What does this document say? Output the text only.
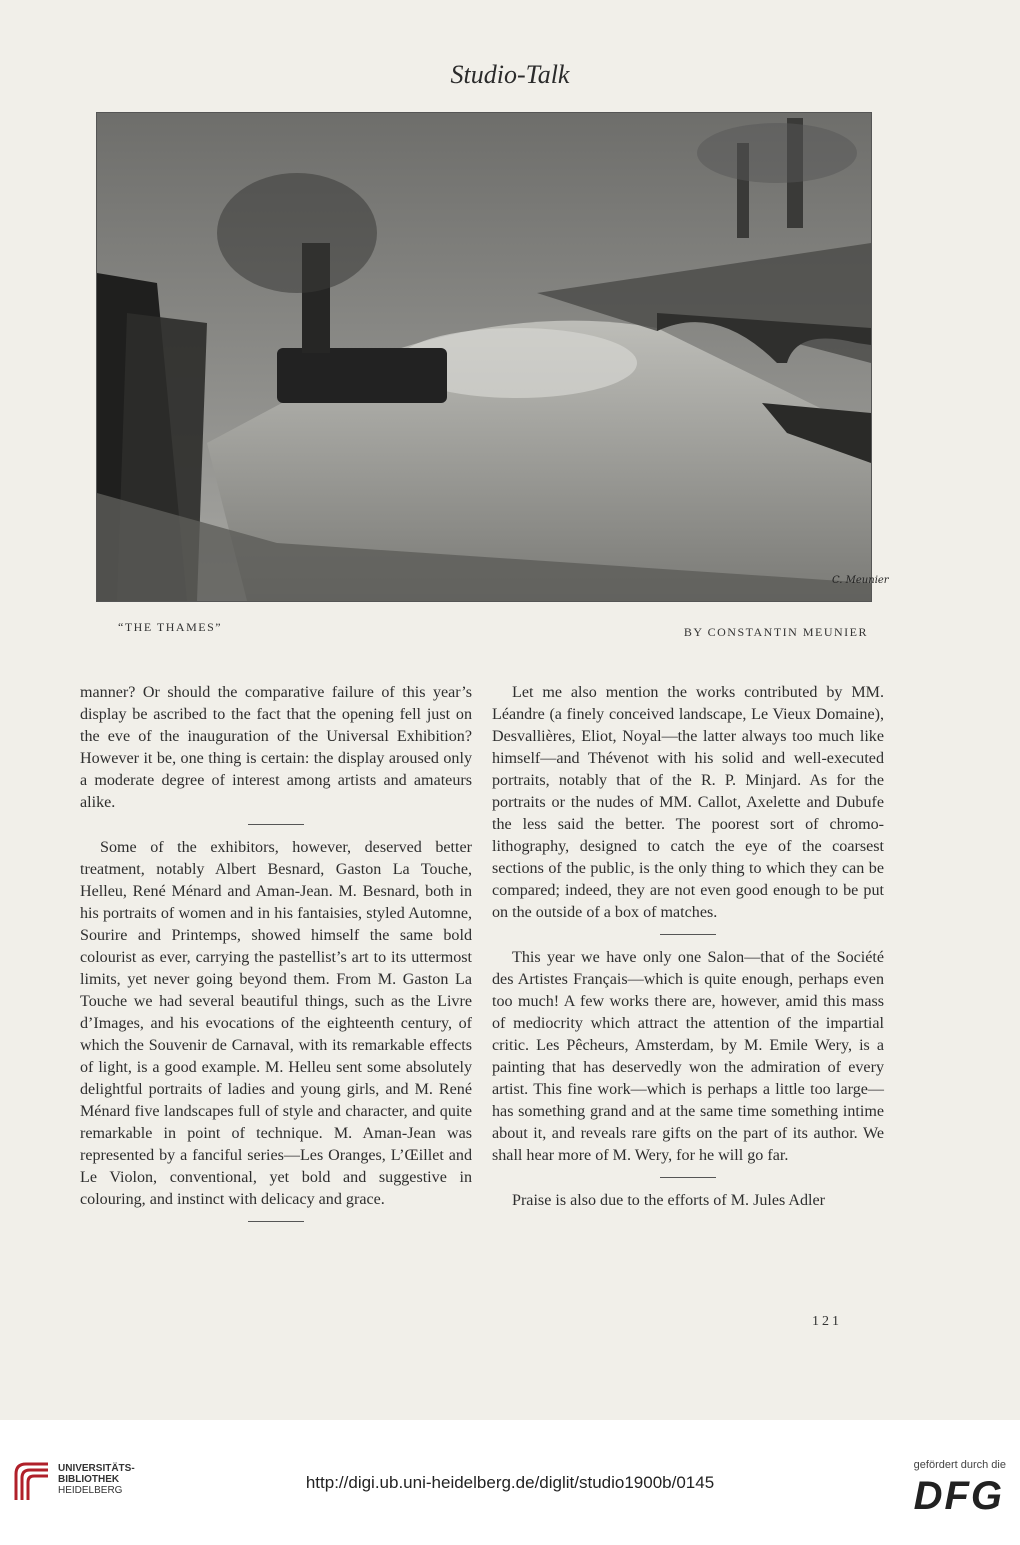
Studio-Talk
C. Meunier
“THE THAMES”	BY CONSTANTIN MEUNIER

manner? Or should the comparative failure of this year’s display be ascribed to the fact that the opening fell just on the eve of the inauguration of the Universal Exhibition? However it be, one thing is certain: the display aroused only a moderate degree of interest among artists and amateurs alike.

Some of the exhibitors, however, deserved better treatment, notably Albert Besnard, Gaston La Touche, Helleu, René Ménard and Aman-Jean. M. Besnard, both in his portraits of women and in his fantaisies, styled Automne, Sourire and Printemps, showed himself the same bold colourist as ever, carrying the pastellist’s art to its uttermost limits, yet never going beyond them. From M. Gaston La Touche we had several beautiful things, such as the Livre d’Images, and his evocations of the eighteenth century, of which the Souvenir de Carnaval, with its remarkable effects of light, is a good example. M. Helleu sent some absolutely delightful portraits of ladies and young girls, and M. René Ménard five landscapes full of style and character, and quite remarkable in point of technique. M. Aman-Jean was represented by a fanciful series—Les Oranges, L’Œillet and Le Violon, conventional, yet bold and suggestive in colouring, and instinct with delicacy and grace.

Let me also mention the works contributed by MM. Léandre (a finely conceived landscape, Le Vieux Domaine), Desvallières, Eliot, Noyal—the latter always too much like himself—and Thévenot with his solid and well-executed portraits, notably that of the R. P. Minjard. As for the portraits or the nudes of MM. Callot, Axelette and Dubufe the less said the better. The poorest sort of chromo-lithography, designed to catch the eye of the coarsest sections of the public, is the only thing to which they can be compared; indeed, they are not even good enough to be put on the outside of a box of matches.

This year we have only one Salon—that of the Société des Artistes Français—which is quite enough, perhaps even too much! A few works there are, however, amid this mass of mediocrity which attract the attention of the impartial critic. Les Pêcheurs, Amsterdam, by M. Emile Wery, is a painting that has deservedly won the admiration of every artist. This fine work—which is perhaps a little too large—has something grand and at the same time something intime about it, and reveals rare gifts on the part of its author. We shall hear more of M. Wery, for he will go far.

Praise is also due to the efforts of M. Jules Adler

121
UNIVERSITÄTS-
BIBLIOTHEK
HEIDELBERG	http://digi.ub.uni-heidelberg.de/diglit/studio1900b/0145
gefördert durch die
DFG
